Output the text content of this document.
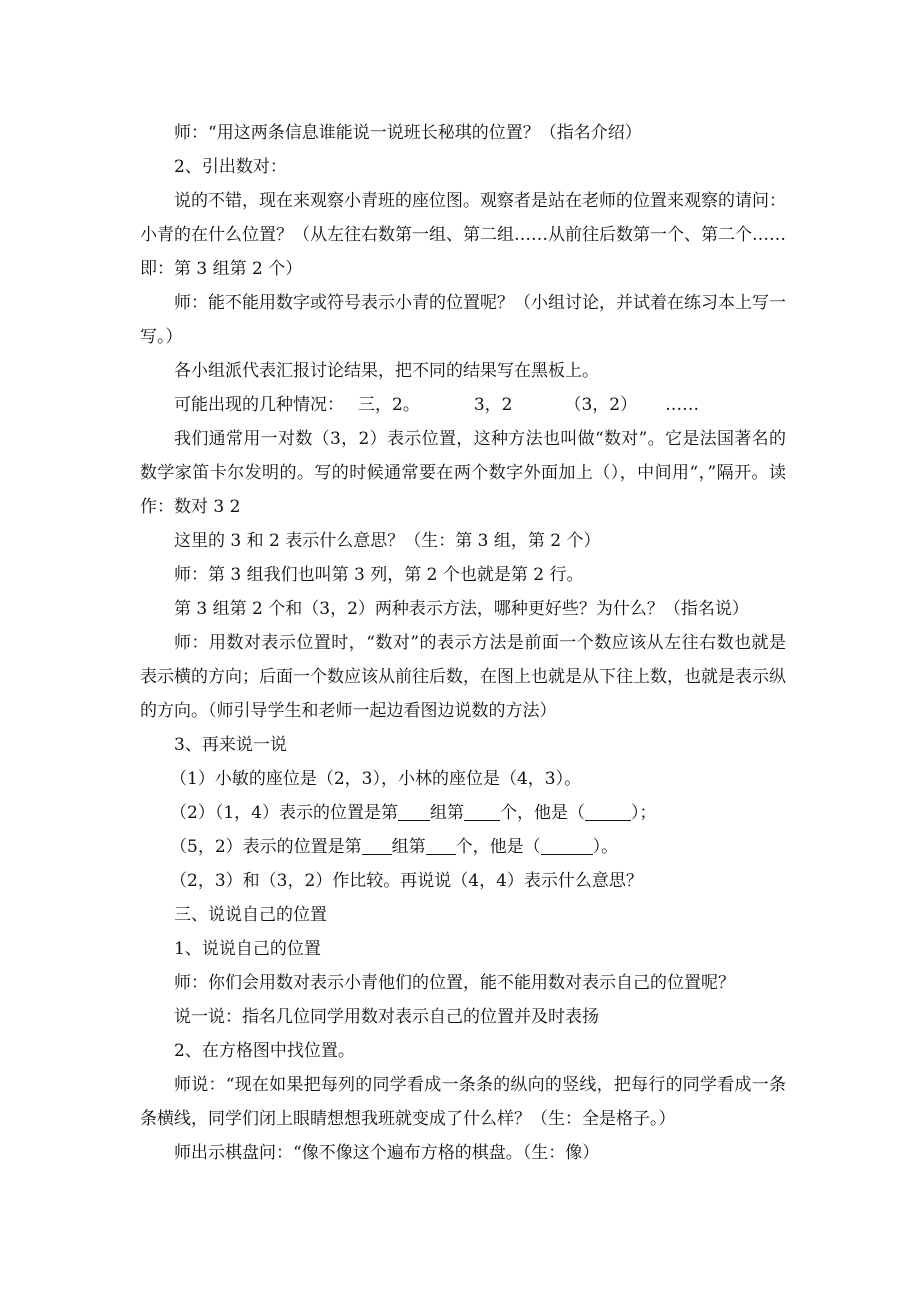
师：“用这两条信息谁能说一说班长秘琪的位置？（指名介绍）

2、引出数对：

说的不错，现在来观察小青班的座位图。观察者是站在老师的位置来观察的请问：小青的在什么位置？（从左往右数第一组、第二组……从前往后数第一个、第二个……即：第 3 组第 2 个）

师：能不能用数字或符号表示小青的位置呢？（小组讨论，并试着在练习本上写一写。）

各小组派代表汇报讨论结果，把不同的结果写在黑板上。

可能出现的几种情况： 三，2。	3，2	（3，2） ……

我们通常用一对数（3，2）表示位置，这种方法也叫做“数对”。它是法国著名的数学家笛卡尔发明的。写的时候通常要在两个数字外面加上（），中间用“，”隔开。读作：数对 3 2

这里的 3 和 2 表示什么意思？（生：第 3 组，第 2 个）

师：第 3 组我们也叫第 3 列，第 2 个也就是第 2 行。

第 3 组第 2 个和（3，2）两种表示方法，哪种更好些？为什么？（指名说）

师：用数对表示位置时，“数对”的表示方法是前面一个数应该从左往右数也就是表示横的方向；后面一个数应该从前往后数，在图上也就是从下往上数，也就是表示纵的方向。（师引导学生和老师一起边看图边说数的方法）

3、再来说一说

（1）小敏的座位是（2，3），小林的座位是（4，3）。

（2）（1，4）表示的位置是第 组第 个，他是（	）；

（5，2）表示的位置是第 组第 个，他是（	）。

（2，3）和（3，2）作比较。再说说（4，4）表示什么意思？

三、说说自己的位置

1、说说自己的位置

师：你们会用数对表示小青他们的位置，能不能用数对表示自己的位置呢？

说一说：指名几位同学用数对表示自己的位置并及时表扬

2、在方格图中找位置。

师说：“现在如果把每列的同学看成一条条的纵向的竖线，把每行的同学看成一条条横线，同学们闭上眼睛想想我班就变成了什么样？（生：全是格子。）

师出示棋盘问：“像不像这个遍布方格的棋盘。（生：像）
